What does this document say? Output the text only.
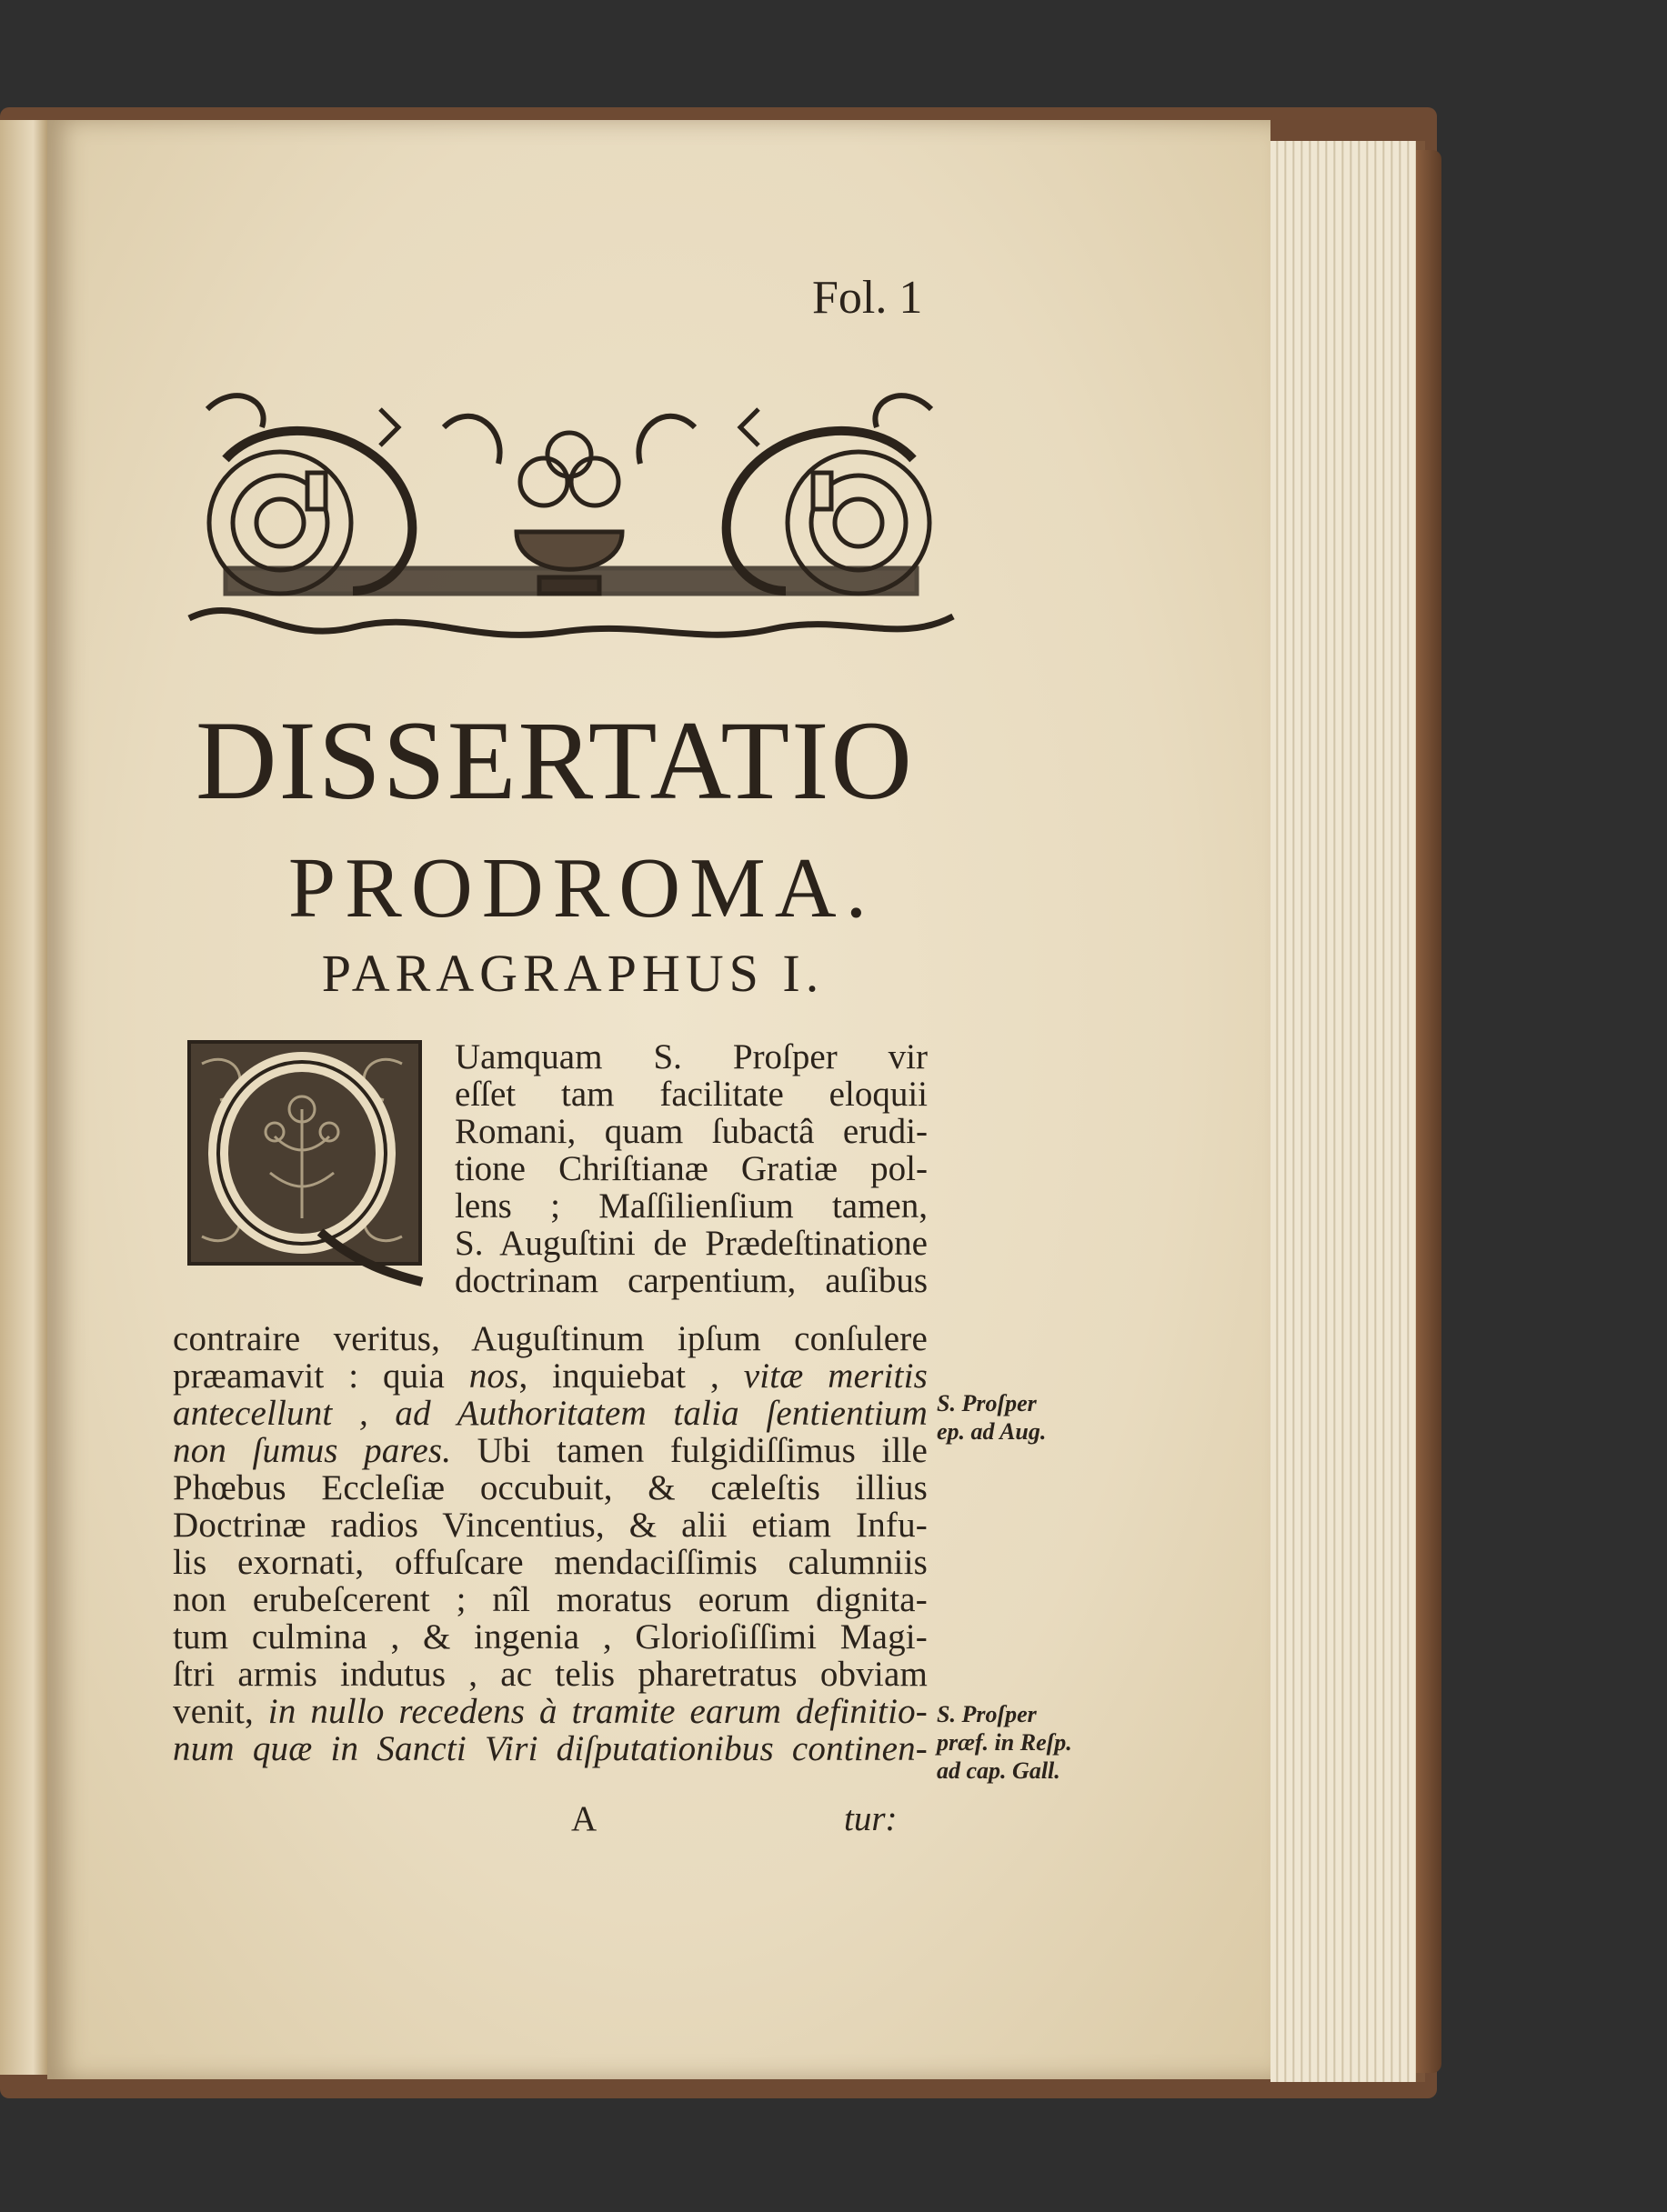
Fol. 1
DISSERTATIO
PRODROMA.
PARAGRAPHUS I.
Uamquam S. Proſper vir
eſſet tam facilitate eloquii
Romani, quam ſubactâ erudi-
tione Chriſtianæ Gratiæ pol-
lens ; Maſſilienſium tamen,
S. Auguſtini de Prædeſtinatione
doctrinam carpentium, auſibus
contraire veritus, Auguſtinum ipſum conſulere
præamavit : quia nos, inquiebat , vitæ meritis
antecellunt , ad Authoritatem talia ſentientium
non ſumus pares. Ubi tamen fulgidiſſimus ille
Phœbus Eccleſiæ occubuit, & cæleſtis illius
Doctrinæ radios Vincentius, & alii etiam Infu-
lis exornati, offuſcare mendaciſſimis calumniis
non erubeſcerent ; nîl moratus eorum dignita-
tum culmina , & ingenia , Glorioſiſſimi Magi-
ſtri armis indutus , ac telis pharetratus obviam
venit, in nullo recedens à tramite earum definitio-
num quæ in Sancti Viri diſputationibus continen-
A	tur:
S. Proſper
ep. ad Aug.
S. Proſper
præf. in Reſp.
ad cap. Gall.
